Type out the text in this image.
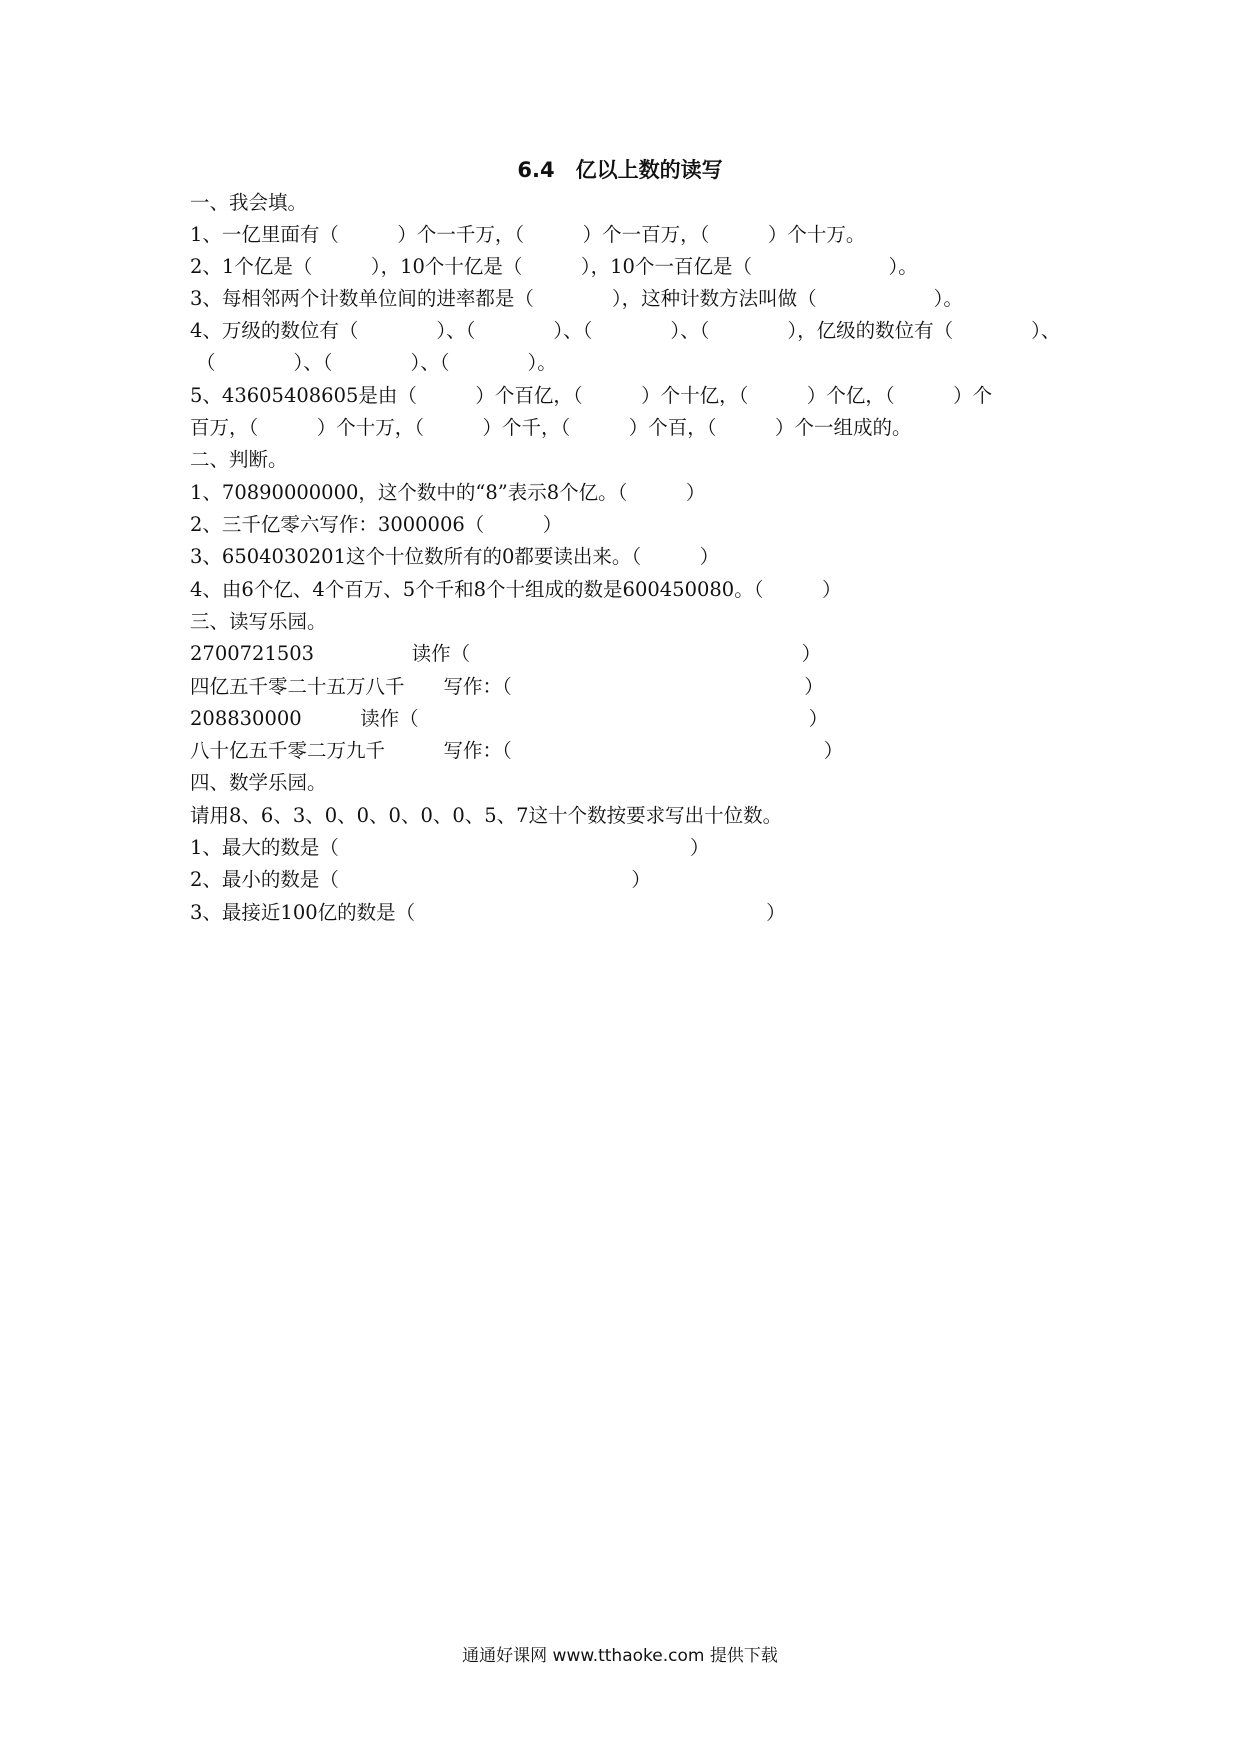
6.4　亿以上数的读写
一、我会填。
1、一亿里面有（　　　）个一千万，（　　　）个一百万，（　　　）个十万。
2、1个亿是（　　　），10个十亿是（　　　），10个一百亿是（　　　　　　　）。
3、每相邻两个计数单位间的进率都是（　　　　），这种计数方法叫做（　　　　　　）。
4、万级的数位有（　　　　）、（　　　　）、（　　　　）、（　　　　），亿级的数位有（　　　　）、
（　　　　）、（　　　　）、（　　　　）。
5、43605408605是由（　　　）个百亿，（　　　）个十亿，（　　　）个亿，（　　　）个
百万，（　　　）个十万，（　　　）个千，（　　　）个百，（　　　）个一组成的。
二、判断。
1、70890000000，这个数中的“8”表示8个亿。（　　　）
2、三千亿零六写作：3000006（　　　）
3、6504030201这个十位数所有的0都要读出来。（　　　）
4、由6个亿、4个百万、5个千和8个十组成的数是600450080。（　　　）
三、读写乐园。
2700721503　　　　　读作（　　　　　　　　　　　　　　　　　）
四亿五千零二十五万八千　　写作：（　　　　　　　　　　　　　　　）
208830000　　　读作（　　　　　　　　　　　　　　　　　　　　）
八十亿五千零二万九千　　　写作：（　　　　　　　　　　　　　　　　）
四、数学乐园。
请用8、6、3、0、0、0、0、0、5、7这十个数按要求写出十位数。
1、最大的数是（　　　　　　　　　　　　　　　　　　）
2、最小的数是（　　　　　　　　　　　　　　　）
3、最接近100亿的数是（　　　　　　　　　　　　　　　　　　）
通通好课网 www.tthaoke.com 提供下载
